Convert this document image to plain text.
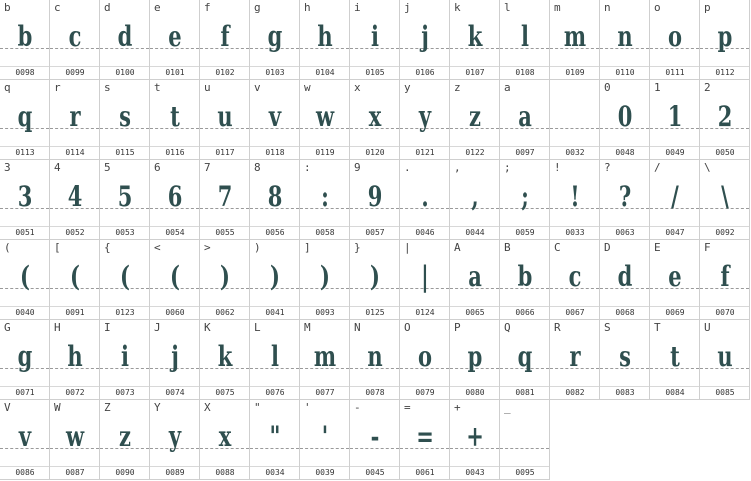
b
b
0098
c
c
0099
d
d
0100
e
e
0101
f
f
0102
g
g
0103
h
h
0104
i
i
0105
j
j
0106
k
k
0107
l
l
0108
m
m
0109
n
n
0110
o
o
0111
p
p
0112
q
q
0113
r
r
0114
s
s
0115
t
t
0116
u
u
0117
v
v
0118
w
w
0119
x
x
0120
y
y
0121
z
z
0122
a
a
0097	0032
0
0
0048
1
1
0049
2
2
0050
3
3
0051
4
4
0052
5
5
0053
6
6
0054
7
7
0055
8
8
0056
:
:
0058
9
9
0057
.
.
0046
,
,
0044
;
;
0059
!
!
0033
?
?
0063
/
/
0047
\
\
0092
(
(
0040
[
(
0091
{
(
0123
<
(
0060
>
)
0062
)
)
0041
]
)
0093
}
)
0125
|
|
0124
A
a
0065
B
b
0066
C
c
0067
D
d
0068
E
e
0069
F
f
0070
G
g
0071
H
h
0072
I
i
0073
J
j
0074
K
k
0075
L
l
0076
M
m
0077
N
n
0078
O
o
0079
P
p
0080
Q
q
0081
R
r
0082
S
s
0083
T
t
0084
U
u
0085
V
v
0086
W
w
0087
Z
z
0090
Y
y
0089
X
x
0088
"
"
0034
'
'
0039
-
-
0045
=
=
0061
+
+
0043
_
0095
